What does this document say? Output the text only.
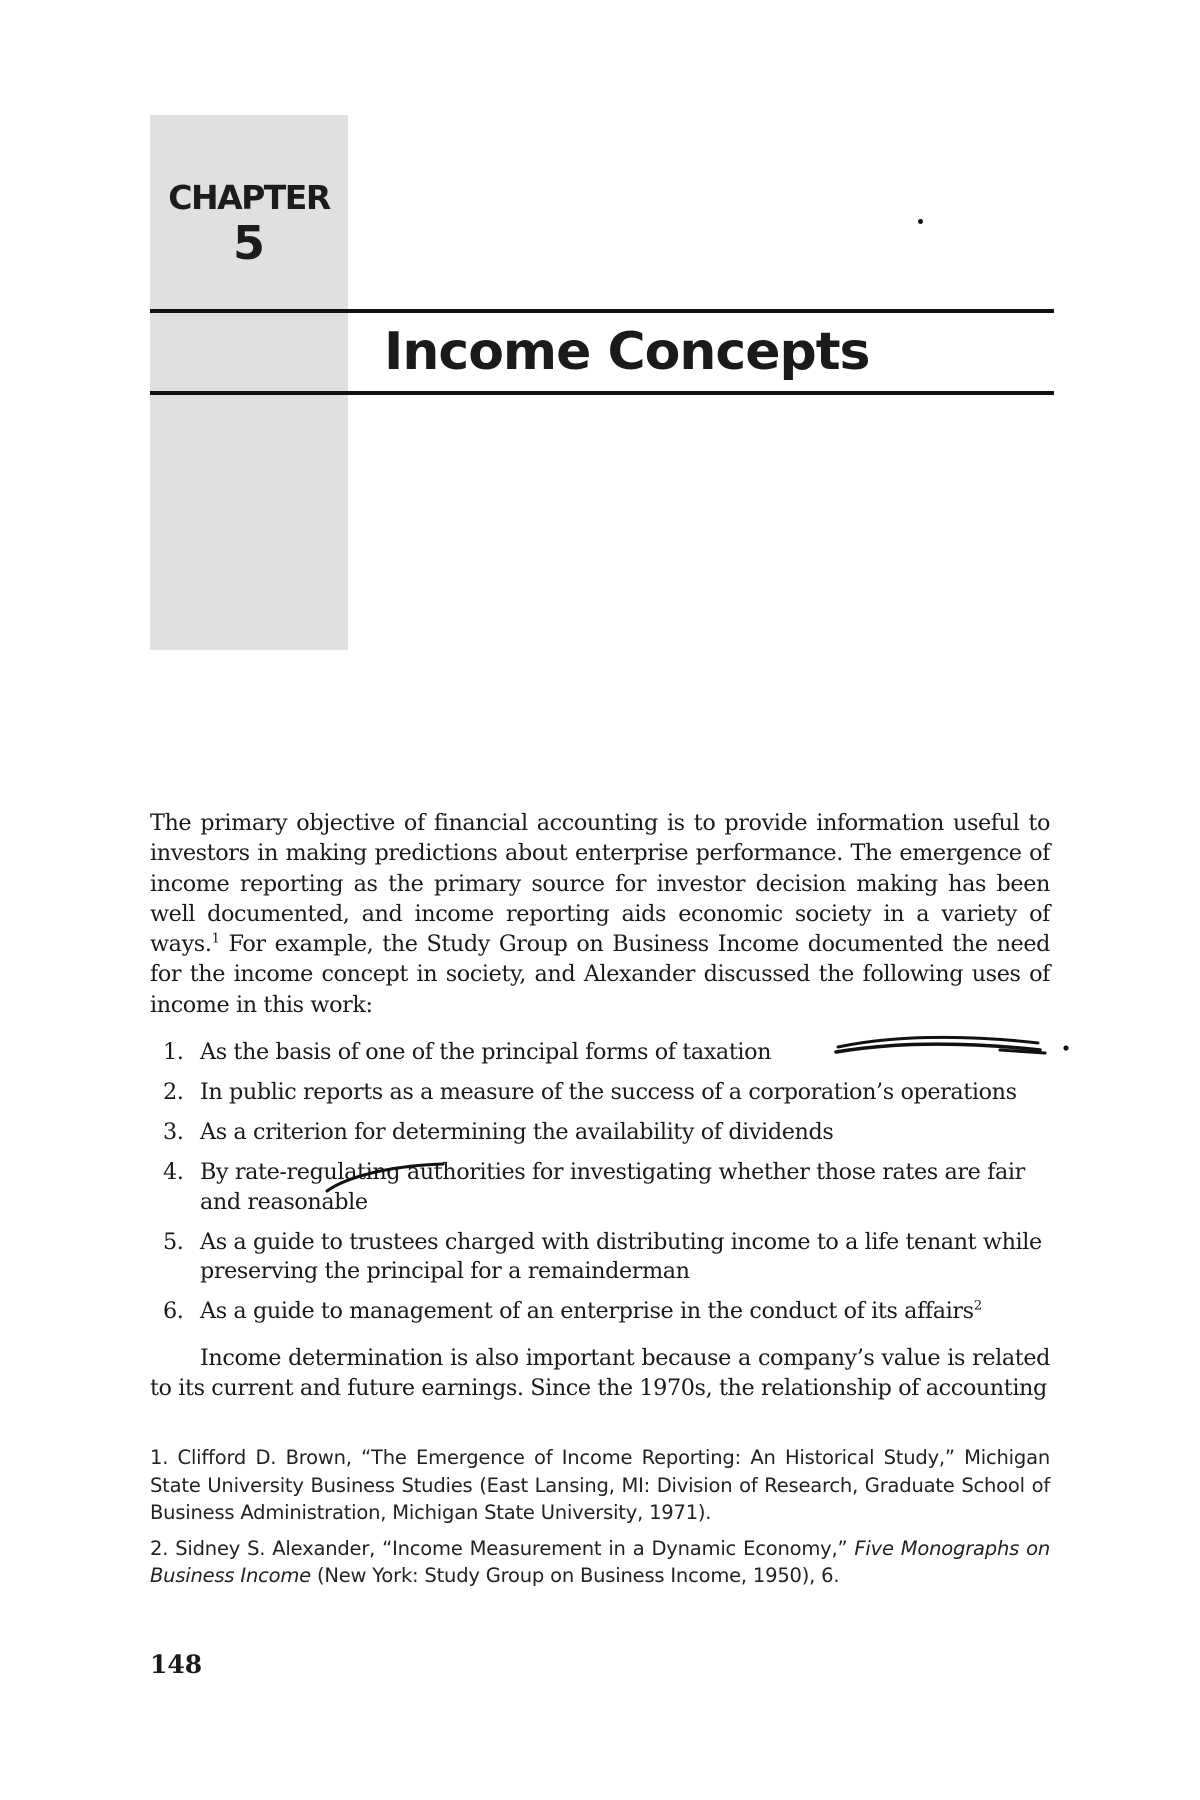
CHAPTER
5
Income Concepts

The primary objective of financial accounting is to provide information useful to investors in making predictions about enterprise performance. The emergence of income reporting as the primary source for investor decision making has been well documented, and income reporting aids economic society in a variety of ways.$^1$ For example, the Study Group on Business Income documented the need for the income concept in society, and Alexander discussed the following uses of income in this work:

1. As the basis of one of the principal forms of taxation
2. In public reports as a measure of the success of a corporation’s operations
3. As a criterion for determining the availability of dividends
4. By rate-regulating authorities for investigating whether those rates are fair and reasonable
5. As a guide to trustees charged with distributing income to a life tenant while preserving the principal for a remainderman
6. As a guide to management of an enterprise in the conduct of its affairs$^2$

Income determination is also important because a company’s value is related to its current and future earnings. Since the 1970s, the relationship of accounting

1. Clifford D. Brown, “The Emergence of Income Reporting: An Historical Study,” Michigan State University Business Studies (East Lansing, MI: Division of Research, Graduate School of Business Administration, Michigan State University, 1971).

2. Sidney S. Alexander, “Income Measurement in a Dynamic Economy,” Five Monographs on Business Income (New York: Study Group on Business Income, 1950), 6.

148
